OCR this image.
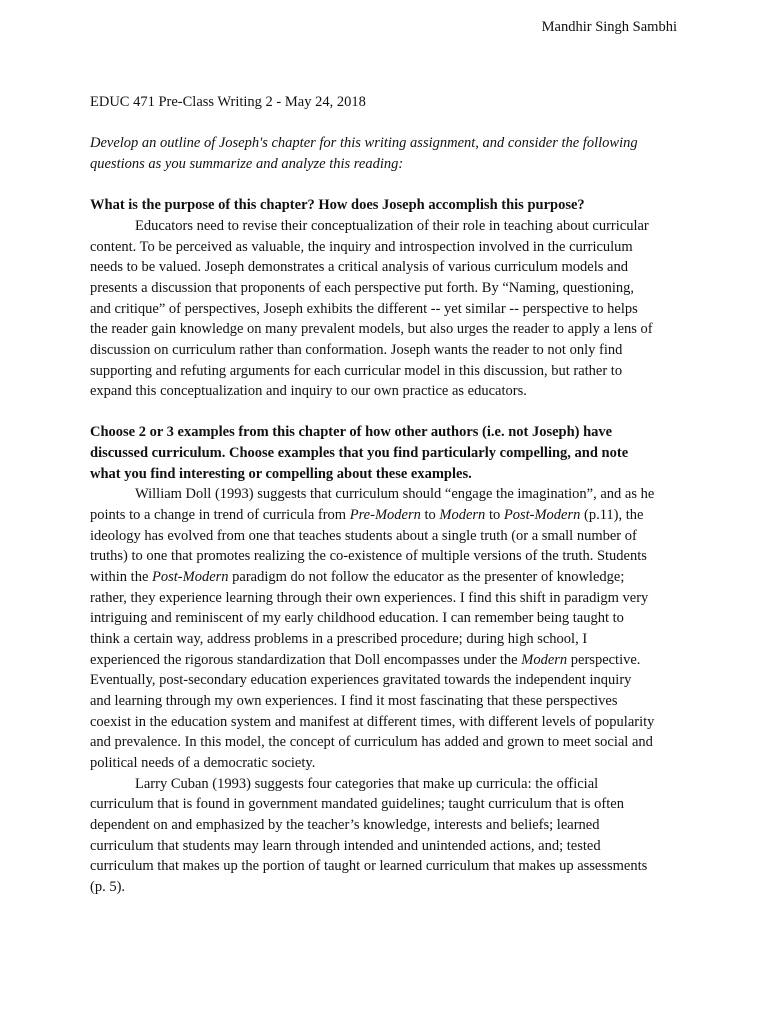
Mandhir Singh Sambhi
EDUC 471 Pre-Class Writing 2 - May 24, 2018
Develop an outline of Joseph's chapter for this writing assignment, and consider the following
questions as you summarize and analyze this reading:
What is the purpose of this chapter? How does Joseph accomplish this purpose?
Educators need to revise their conceptualization of their role in teaching about curricular
content. To be perceived as valuable, the inquiry and introspection involved in the curriculum
needs to be valued. Joseph demonstrates a critical analysis of various curriculum models and
presents a discussion that proponents of each perspective put forth. By “Naming, questioning,
and critique” of perspectives, Joseph exhibits the different -- yet similar -- perspective to helps
the reader gain knowledge on many prevalent models, but also urges the reader to apply a lens of
discussion on curriculum rather than conformation. Joseph wants the reader to not only find
supporting and refuting arguments for each curricular model in this discussion, but rather to
expand this conceptualization and inquiry to our own practice as educators.
Choose 2 or 3 examples from this chapter of how other authors (i.e. not Joseph) have
discussed curriculum. Choose examples that you find particularly compelling, and note
what you find interesting or compelling about these examples.
William Doll (1993) suggests that curriculum should “engage the imagination”, and as he
points to a change in trend of curricula from Pre-Modern to Modern to Post-Modern (p.11), the
ideology has evolved from one that teaches students about a single truth (or a small number of
truths) to one that promotes realizing the co-existence of multiple versions of the truth. Students
within the Post-Modern paradigm do not follow the educator as the presenter of knowledge;
rather, they experience learning through their own experiences. I find this shift in paradigm very
intriguing and reminiscent of my early childhood education. I can remember being taught to
think a certain way, address problems in a prescribed procedure; during high school, I
experienced the rigorous standardization that Doll encompasses under the Modern perspective.
Eventually, post-secondary education experiences gravitated towards the independent inquiry
and learning through my own experiences. I find it most fascinating that these perspectives
coexist in the education system and manifest at different times, with different levels of popularity
and prevalence. In this model, the concept of curriculum has added and grown to meet social and
political needs of a democratic society.
Larry Cuban (1993) suggests four categories that make up curricula: the official
curriculum that is found in government mandated guidelines; taught curriculum that is often
dependent on and emphasized by the teacher’s knowledge, interests and beliefs; learned
curriculum that students may learn through intended and unintended actions, and; tested
curriculum that makes up the portion of taught or learned curriculum that makes up assessments
(p. 5).
